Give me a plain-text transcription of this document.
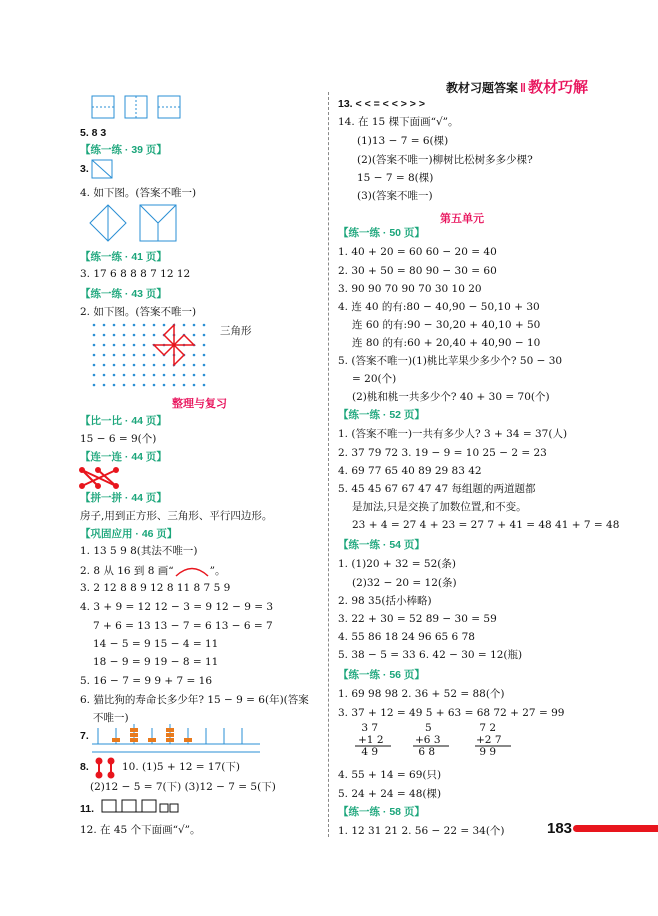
教材习题答案 ‖ 教材巧解
5. 8 3
【练一练 · 39 页】
3.
4. 如下图。(答案不唯一)
【练一练 · 41 页】
3. 17 6 8 8 8 7 12 12
【练一练 · 43 页】
2. 如下图。(答案不唯一)
三角形
整理与复习
【比一比 · 44 页】
15 − 6 = 9(个)
【连一连 · 44 页】
【拼一拼 · 44 页】
房子,用到正方形、三角形、平行四边形。
【巩固应用 · 46 页】
1. 13 5 9 8(其法不唯一)
2. 8 从 16 到 8 画“	”。
3. 2 12 8 8 9 12 8 11 8 7 5 9
4. 3 + 9 = 12 12 − 3 = 9 12 − 9 = 3
7 + 6 = 13 13 − 7 = 6 13 − 6 = 7
14 − 5 = 9 15 − 4 = 11
18 − 9 = 9 19 − 8 = 11
5. 16 − 7 = 9 9 + 7 = 16
6. 猫比狗的寿命长多少年? 15 − 9 = 6(年)(答案
不唯一)
7.
8.	10. (1)5 + 12 = 17(下)
(2)12 − 5 = 7(下) (3)12 − 7 = 5(下)
11.
12. 在 45 个下面画“√”。
13. < < = < < > > >
14. 在 15 棵下面画“√”。
(1)13 − 7 = 6(棵)
(2)(答案不唯一)柳树比松树多多少棵?
15 − 7 = 8(棵)
(3)(答案不唯一)
第五单元
【练一练 · 50 页】
1. 40 + 20 = 60 60 − 20 = 40
2. 30 + 50 = 80 90 − 30 = 60
3. 90 90 70 90 70 30 10 20
4. 连 40 的有:80 − 40,90 − 50,10 + 30
连 60 的有:90 − 30,20 + 40,10 + 50
连 80 的有:60 + 20,40 + 40,90 − 10
5. (答案不唯一)(1)桃比苹果少多少个? 50 − 30
= 20(个)
(2)桃和桃一共多少个? 40 + 30 = 70(个)
【练一练 · 52 页】
1. (答案不唯一)一共有多少人? 3 + 34 = 37(人)
2. 37 79 72 3. 19 − 9 = 10 25 − 2 = 23
4. 69 77 65 40 89 29 83 42
5. 45 45 67 67 47 47 每组题的两道题都
是加法,只是交换了加数位置,和不变。
23 + 4 = 27 4 + 23 = 27 7 + 41 = 48 41 + 7 = 48
【练一练 · 54 页】
1. (1)20 + 32 = 52(条)
(2)32 − 20 = 12(条)
2. 98 35(括小棒略)
3. 22 + 30 = 52 89 − 30 = 59
4. 55 86 18 24 96 65 6 78
5. 38 − 5 = 33 6. 42 − 30 = 12(瓶)
【练一练 · 56 页】
1. 69 98 98 2. 36 + 52 = 88(个)
3. 37 + 12 = 49 5 + 63 = 68 72 + 27 = 99
3 7
+1 2
4 9
5
+6 3
6 8
7 2
+2 7
9 9
4. 55 + 14 = 69(只)
5. 24 + 24 = 48(棵)
【练一练 · 58 页】
1. 12 31 21 2. 56 − 22 = 34(个)	183
